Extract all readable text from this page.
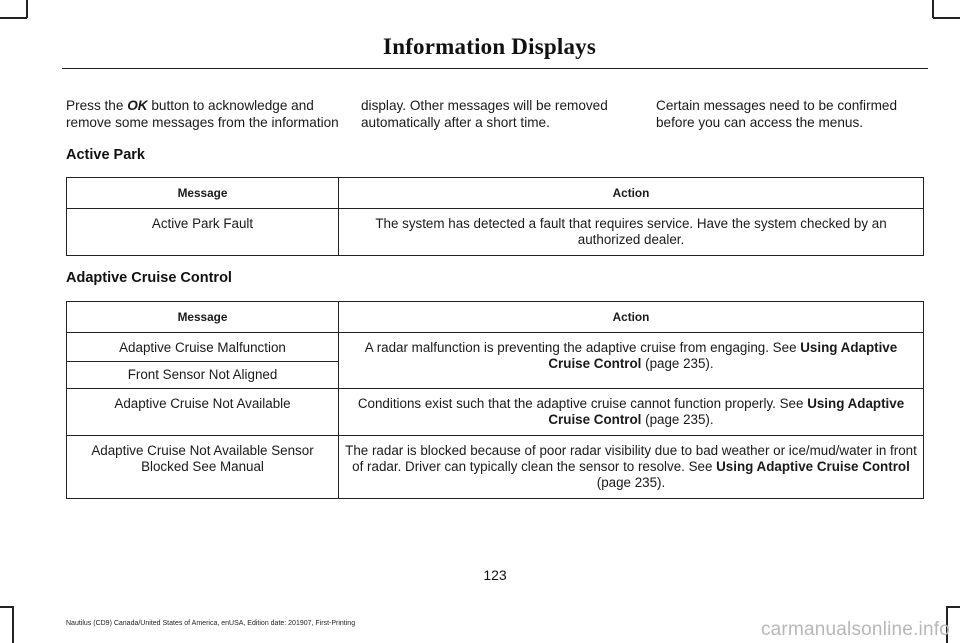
Information Displays
Press the OK button to acknowledge and remove some messages from the information
display. Other messages will be removed automatically after a short time.
Certain messages need to be confirmed before you can access the menus.
Active Park
Message	Action
Active Park Fault	The system has detected a fault that requires service. Have the system checked by an authorized dealer.
Adaptive Cruise Control
Message	Action
Adaptive Cruise Malfunction	A radar malfunction is preventing the adaptive cruise from engaging. See Using Adaptive Cruise Control (page 235).
Front Sensor Not Aligned	
Adaptive Cruise Not Available	Conditions exist such that the adaptive cruise cannot function properly. See Using Adaptive Cruise Control (page 235).
Adaptive Cruise Not Available Sensor Blocked See Manual	The radar is blocked because of poor radar visibility due to bad weather or ice/mud/water in front of radar. Driver can typically clean the sensor to resolve. See Using Adaptive Cruise Control (page 235).
123
Nautilus (CD9) Canada/United States of America, enUSA, Edition date: 201907, First-Printing	carmanualsonline.info
